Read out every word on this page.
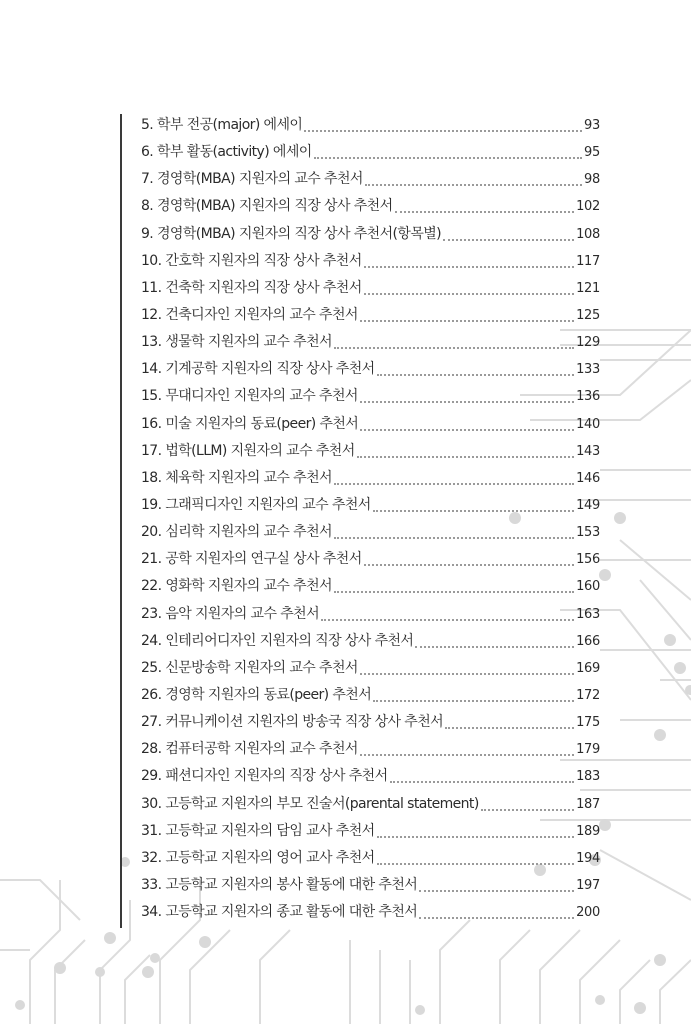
5. 학부 전공(major) 에세이	93
6. 학부 활동(activity) 에세이	95
7. 경영학(MBA) 지원자의 교수 추천서	98
8. 경영학(MBA) 지원자의 직장 상사 추천서	102
9. 경영학(MBA) 지원자의 직장 상사 추천서(항목별)	108
10. 간호학 지원자의 직장 상사 추천서	117
11. 건축학 지원자의 직장 상사 추천서	121
12. 건축디자인 지원자의 교수 추천서	125
13. 생물학 지원자의 교수 추천서	129
14. 기계공학 지원자의 직장 상사 추천서	133
15. 무대디자인 지원자의 교수 추천서	136
16. 미술 지원자의 동료(peer) 추천서	140
17. 법학(LLM) 지원자의 교수 추천서	143
18. 체육학 지원자의 교수 추천서	146
19. 그래픽디자인 지원자의 교수 추천서	149
20. 심리학 지원자의 교수 추천서	153
21. 공학 지원자의 연구실 상사 추천서	156
22. 영화학 지원자의 교수 추천서	160
23. 음악 지원자의 교수 추천서	163
24. 인테리어디자인 지원자의 직장 상사 추천서	166
25. 신문방송학 지원자의 교수 추천서	169
26. 경영학 지원자의 동료(peer) 추천서	172
27. 커뮤니케이션 지원자의 방송국 직장 상사 추천서	175
28. 컴퓨터공학 지원자의 교수 추천서	179
29. 패션디자인 지원자의 직장 상사 추천서	183
30. 고등학교 지원자의 부모 진술서(parental statement)	187
31. 고등학교 지원자의 담임 교사 추천서	189
32. 고등학교 지원자의 영어 교사 추천서	194
33. 고등학교 지원자의 봉사 활동에 대한 추천서	197
34. 고등학교 지원자의 종교 활동에 대한 추천서	200
